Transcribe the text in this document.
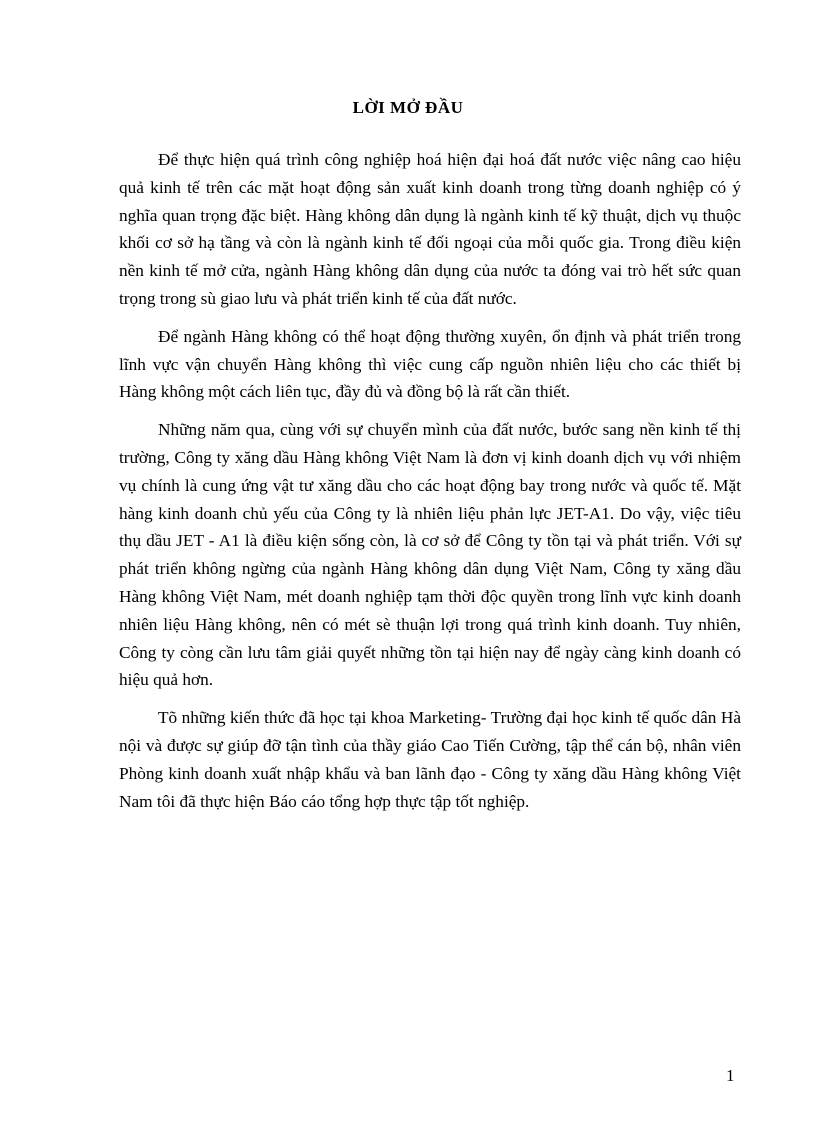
LỜI MỞ ĐẦU

Để thực hiện quá trình công nghiệp hoá hiện đại hoá đất nước việc nâng cao hiệu quả kinh tế trên các mặt hoạt động sản xuất kinh doanh trong từng doanh nghiệp có ý nghĩa quan trọng đặc biệt. Hàng không dân dụng là ngành kinh tế kỹ thuật, dịch vụ thuộc khối cơ sở hạ tầng và còn là ngành kinh tế đối ngoại của mỗi quốc gia. Trong điều kiện nền kinh tế mở cửa, ngành Hàng không dân dụng của nước ta đóng vai trò hết sức quan trọng trong sù giao lưu và phát triển kinh tế của đất nước.

Để ngành Hàng không có thể hoạt động thường xuyên, ổn định và phát triển trong lĩnh vực vận chuyển Hàng không thì việc cung cấp nguồn nhiên liệu cho các thiết bị Hàng không một cách liên tục, đầy đủ và đồng bộ là rất cần thiết.

Những năm qua, cùng với sự chuyển mình của đất nước, bước sang nền kinh tế thị trường, Công ty xăng dầu Hàng không Việt Nam là đơn vị kinh doanh dịch vụ với nhiệm vụ chính là cung ứng vật tư xăng dầu cho các hoạt động bay trong nước và quốc tế. Mặt hàng kinh doanh chủ yếu của Công ty là nhiên liệu phản lực JET-A1. Do vậy, việc tiêu thụ dầu JET - A1 là điều kiện sống còn, là cơ sở để Công ty tồn tại và phát triển. Với sự phát triển không ngừng của ngành Hàng không dân dụng Việt Nam, Công ty xăng dầu Hàng không Việt Nam, mét doanh nghiệp tạm thời độc quyền trong lĩnh vực kinh doanh nhiên liệu Hàng không, nên có mét sè thuận lợi trong quá trình kinh doanh. Tuy nhiên, Công ty còng cần lưu tâm giải quyết những tồn tại hiện nay để ngày càng kinh doanh có hiệu quả hơn.

Tõ những kiến thức đã học tại khoa Marketing- Trường đại học kinh tế quốc dân Hà nội và được sự giúp đỡ tận tình của thầy giáo Cao Tiến Cường, tập thể cán bộ, nhân viên Phòng kinh doanh xuất nhập khẩu và ban lãnh đạo - Công ty xăng dầu Hàng không Việt Nam tôi đã thực hiện Báo cáo tổng hợp thực tập tốt nghiệp.

1
